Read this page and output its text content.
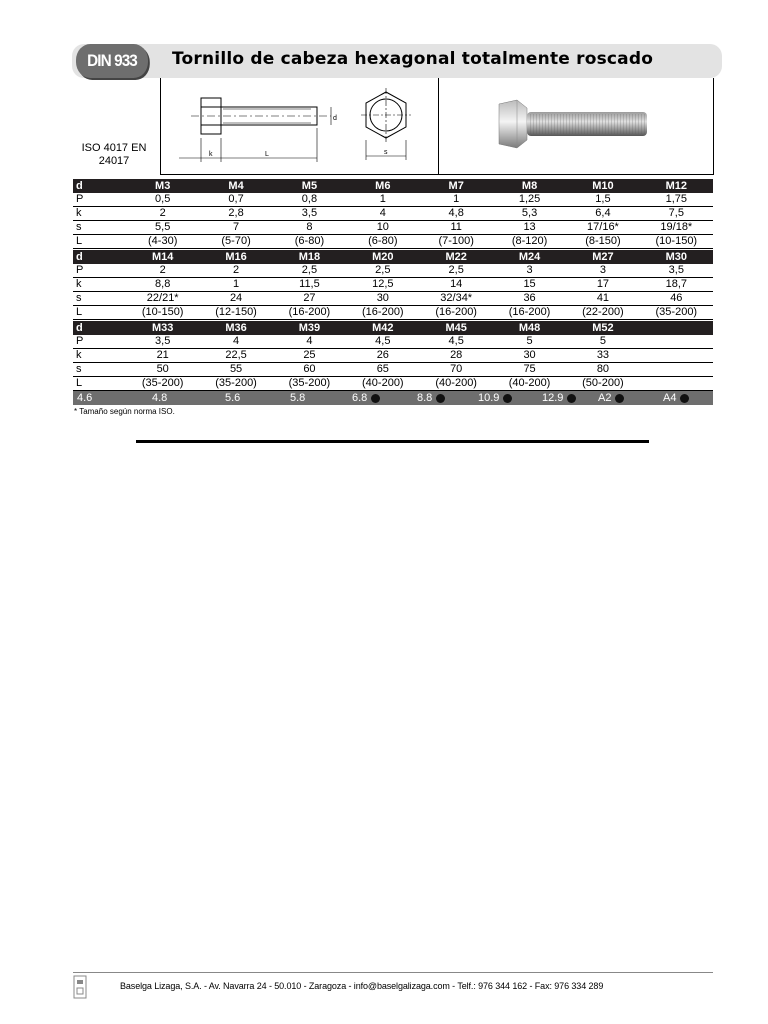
DIN 933	Tornillo de cabeza hexagonal totalmente roscado
d
k	L	s
ISO 4017 EN
24017
d	M3	M4	M5	M6	M7	M8	M10	M12
P	0,5	0,7	0,8	1	1	1,25	1,5	1,75
k	2	2,8	3,5	4	4,8	5,3	6,4	7,5
s	5,5	7	8	10	11	13	17/16*	19/18*
L	(4-30)	(5-70)	(6-80)	(6-80)	(7-100)	(8-120)	(8-150)	(10-150)
d	M14	M16	M18	M20	M22	M24	M27	M30
P	2	2	2,5	2,5	2,5	3	3	3,5
k	8,8	1	11,5	12,5	14	15	17	18,7
s	22/21*	24	27	30	32/34*	36	41	46
L	(10-150)	(12-150)	(16-200)	(16-200)	(16-200)	(16-200)	(22-200)	(35-200)
d	M33	M36	M39	M42	M45	M48	M52	
P	3,5	4	4	4,5	4,5	5	5	
k	21	22,5	25	26	28	30	33	
s	50	55	60	65	70	75	80	
L	(35-200)	(35-200)	(35-200)	(40-200)	(40-200)	(40-200)	(50-200)	
4.6	4.8	5.6	5.8	6.8	8.8	10.9	12.9	A2	A4
* Tamaño según norma ISO.
Baselga Lizaga, S.A. - Av. Navarra 24 - 50.010 - Zaragoza - info@baselgalizaga.com - Telf.: 976 344 162 - Fax: 976 334 289
